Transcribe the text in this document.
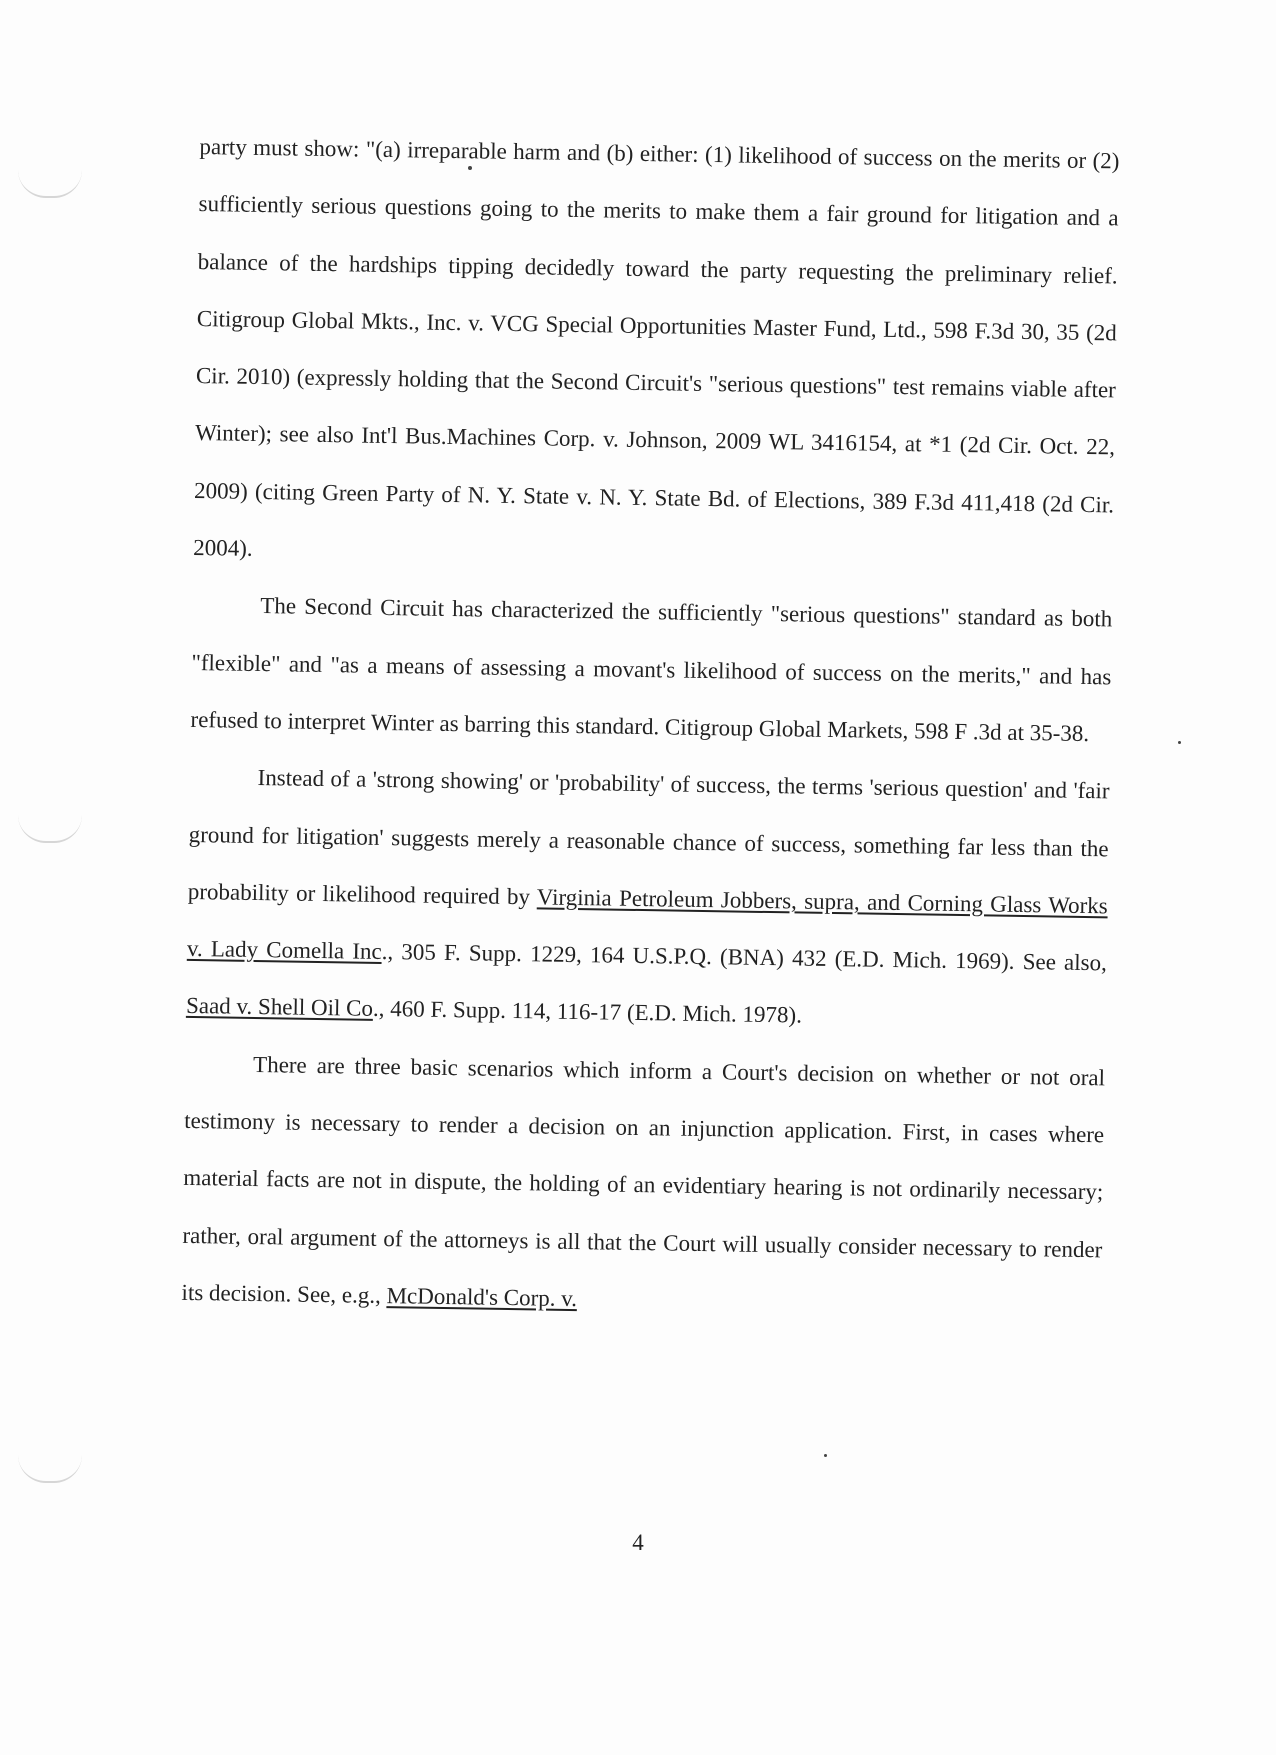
party must show: "(a) irreparable harm and (b) either: (1) likelihood of success on the merits or (2) sufficiently serious questions going to the merits to make them a fair ground for litigation and a balance of the hardships tipping decidedly toward the party requesting the preliminary relief. Citigroup Global Mkts., Inc. v. VCG Special Opportunities Master Fund, Ltd., 598 F.3d 30, 35 (2d Cir. 2010) (expressly holding that the Second Circuit's "serious questions" test remains viable after Winter); see also Int'l Bus.Machines Corp. v. Johnson, 2009 WL 3416154, at *1 (2d Cir. Oct. 22, 2009) (citing Green Party of N. Y. State v. N. Y. State Bd. of Elections, 389 F.3d 411,418 (2d Cir. 2004).

The Second Circuit has characterized the sufficiently "serious questions" standard as both "flexible" and "as a means of assessing a movant's likelihood of success on the merits," and has refused to interpret Winter as barring this standard. Citigroup Global Markets, 598 F .3d at 35-38.

Instead of a 'strong showing' or 'probability' of success, the terms 'serious question' and 'fair ground for litigation' suggests merely a reasonable chance of success, something far less than the probability or likelihood required by Virginia Petroleum Jobbers, supra, and Corning Glass Works v. Lady Comella Inc., 305 F. Supp. 1229, 164 U.S.P.Q. (BNA) 432 (E.D. Mich. 1969). See also, Saad v. Shell Oil Co., 460 F. Supp. 114, 116-17 (E.D. Mich. 1978).

There are three basic scenarios which inform a Court's decision on whether or not oral testimony is necessary to render a decision on an injunction application. First, in cases where material facts are not in dispute, the holding of an evidentiary hearing is not ordinarily necessary; rather, oral argument of the attorneys is all that the Court will usually consider necessary to render its decision. See, e.g., McDonald's Corp. v.

4
